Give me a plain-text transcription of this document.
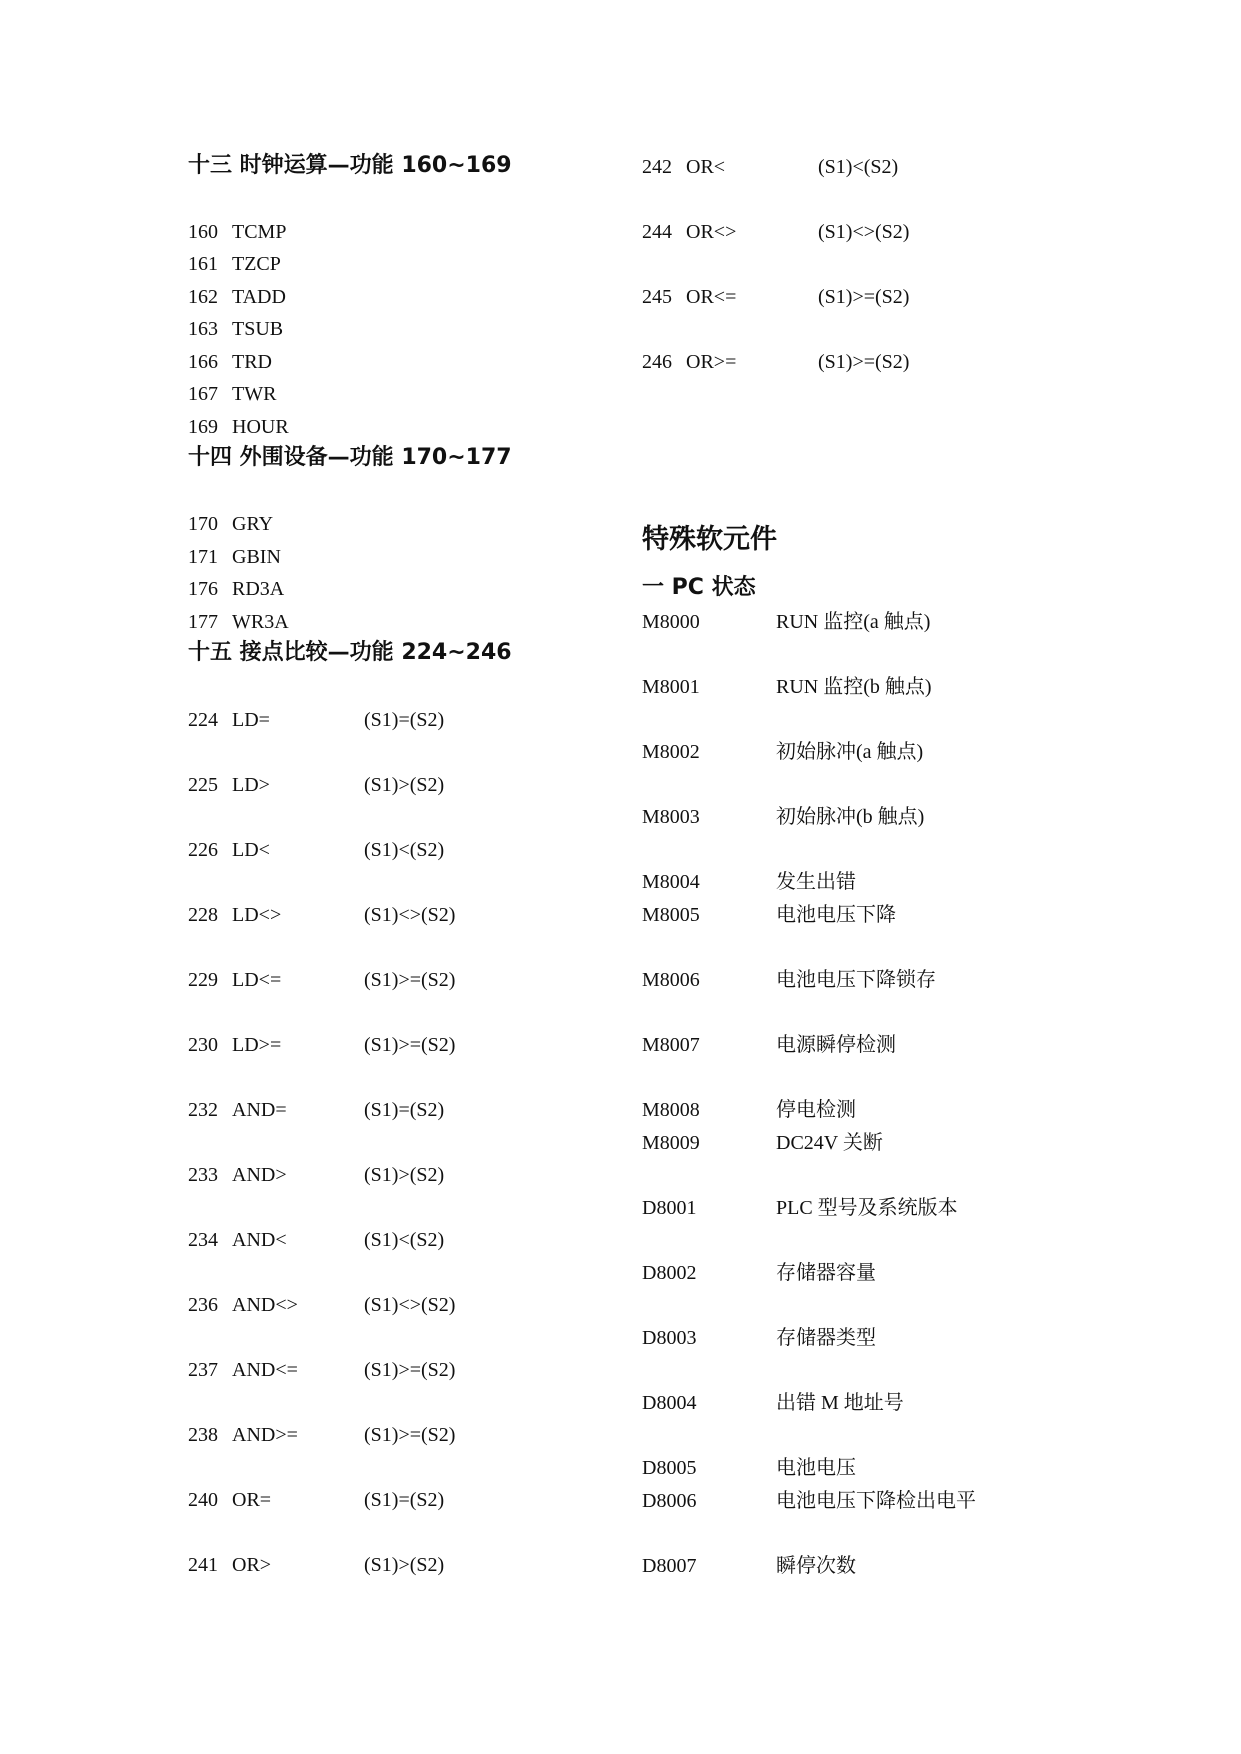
十三 时钟运算—功能 160~169
160 TCMP
161 TZCP
162 TADD
163 TSUB
166 TRD
167 TWR
169 HOUR
十四 外围设备—功能 170~177
170 GRY
171 GBIN
176 RD3A
177 WR3A
十五 接点比较—功能 224~246
224 LD=	(S1)=(S2)
225 LD>	(S1)>(S2)
226 LD<	(S1)<(S2)
228 LD<>	(S1)<>(S2)
229 LD<=	(S1)>=(S2)
230 LD>=	(S1)>=(S2)
232 AND=	(S1)=(S2)
233 AND>	(S1)>(S2)
234 AND<	(S1)<(S2)
236 AND<>	(S1)<>(S2)
237 AND<=	(S1)>=(S2)
238 AND>=	(S1)>=(S2)
240 OR=	(S1)=(S2)
241 OR>	(S1)>(S2)
242 OR<	(S1)<(S2)
244 OR<>	(S1)<>(S2)
245 OR<=	(S1)>=(S2)
246 OR>=	(S1)>=(S2)
特殊软元件
一 PC 状态
M8000	RUN 监控(a 触点)
M8001	RUN 监控(b 触点)
M8002	初始脉冲(a 触点)
M8003	初始脉冲(b 触点)
M8004	发生出错
M8005	电池电压下降
M8006	电池电压下降锁存
M8007	电源瞬停检测
M8008	停电检测
M8009	DC24V 关断
D8001	PLC 型号及系统版本
D8002	存储器容量
D8003	存储器类型
D8004	出错 M 地址号
D8005	电池电压
D8006	电池电压下降检出电平
D8007	瞬停次数
